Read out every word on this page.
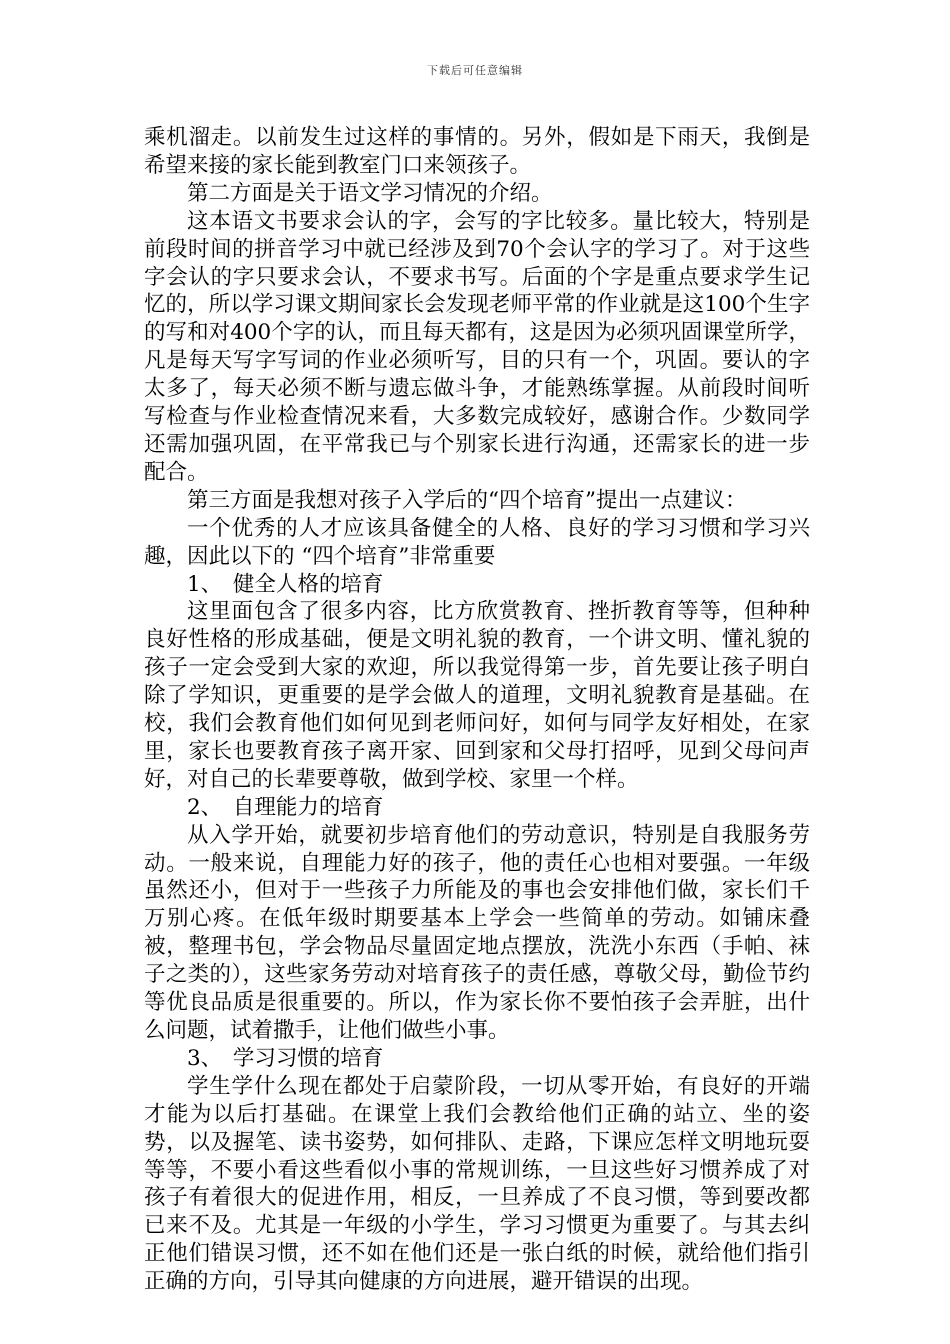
下载后可任意编辑

乘机溜走。以前发生过这样的事情的。另外，假如是下雨天，我倒是希望来接的家长能到教室门口来领孩子。

第二方面是关于语文学习情况的介绍。

这本语文书要求会认的字，会写的字比较多。量比较大，特别是前段时间的拼音学习中就已经涉及到70个会认字的学习了。对于这些字会认的字只要求会认，不要求书写。后面的个字是重点要求学生记忆的，所以学习课文期间家长会发现老师平常的作业就是这100个生字的写和对400个字的认，而且每天都有，这是因为必须巩固课堂所学，凡是每天写字写词的作业必须听写，目的只有一个，巩固。要认的字太多了，每天必须不断与遗忘做斗争，才能熟练掌握。从前段时间听写检查与作业检查情况来看，大多数完成较好，感谢合作。少数同学还需加强巩固，在平常我已与个别家长进行沟通，还需家长的进一步配合。

第三方面是我想对孩子入学后的“四个培育”提出一点建议：

一个优秀的人才应该具备健全的人格、良好的学习习惯和学习兴趣，因此以下的 “四个培育”非常重要

1、　健全人格的培育

这里面包含了很多内容，比方欣赏教育、挫折教育等等，但种种良好性格的形成基础，便是文明礼貌的教育，一个讲文明、懂礼貌的孩子一定会受到大家的欢迎，所以我觉得第一步，首先要让孩子明白除了学知识，更重要的是学会做人的道理，文明礼貌教育是基础。在校，我们会教育他们如何见到老师问好，如何与同学友好相处，在家里，家长也要教育孩子离开家、回到家和父母打招呼，见到父母问声好，对自己的长辈要尊敬，做到学校、家里一个样。

2、　自理能力的培育

从入学开始，就要初步培育他们的劳动意识，特别是自我服务劳动。一般来说，自理能力好的孩子，他的责任心也相对要强。一年级虽然还小，但对于一些孩子力所能及的事也会安排他们做，家长们千万别心疼。在低年级时期要基本上学会一些简单的劳动。如铺床叠被，整理书包，学会物品尽量固定地点摆放，洗洗小东西（手帕、袜子之类的），这些家务劳动对培育孩子的责任感，尊敬父母，勤俭节约等优良品质是很重要的。所以，作为家长你不要怕孩子会弄脏，出什么问题，试着撒手，让他们做些小事。

3、　学习习惯的培育

学生学什么现在都处于启蒙阶段，一切从零开始，有良好的开端才能为以后打基础。在课堂上我们会教给他们正确的站立、坐的姿势，以及握笔、读书姿势，如何排队、走路，下课应怎样文明地玩耍等等，不要小看这些看似小事的常规训练，一旦这些好习惯养成了对孩子有着很大的促进作用，相反，一旦养成了不良习惯，等到要改都已来不及。尤其是一年级的小学生，学习习惯更为重要了。与其去纠正他们错误习惯，还不如在他们还是一张白纸的时候，就给他们指引正确的方向，引导其向健康的方向进展，避开错误的出现。
